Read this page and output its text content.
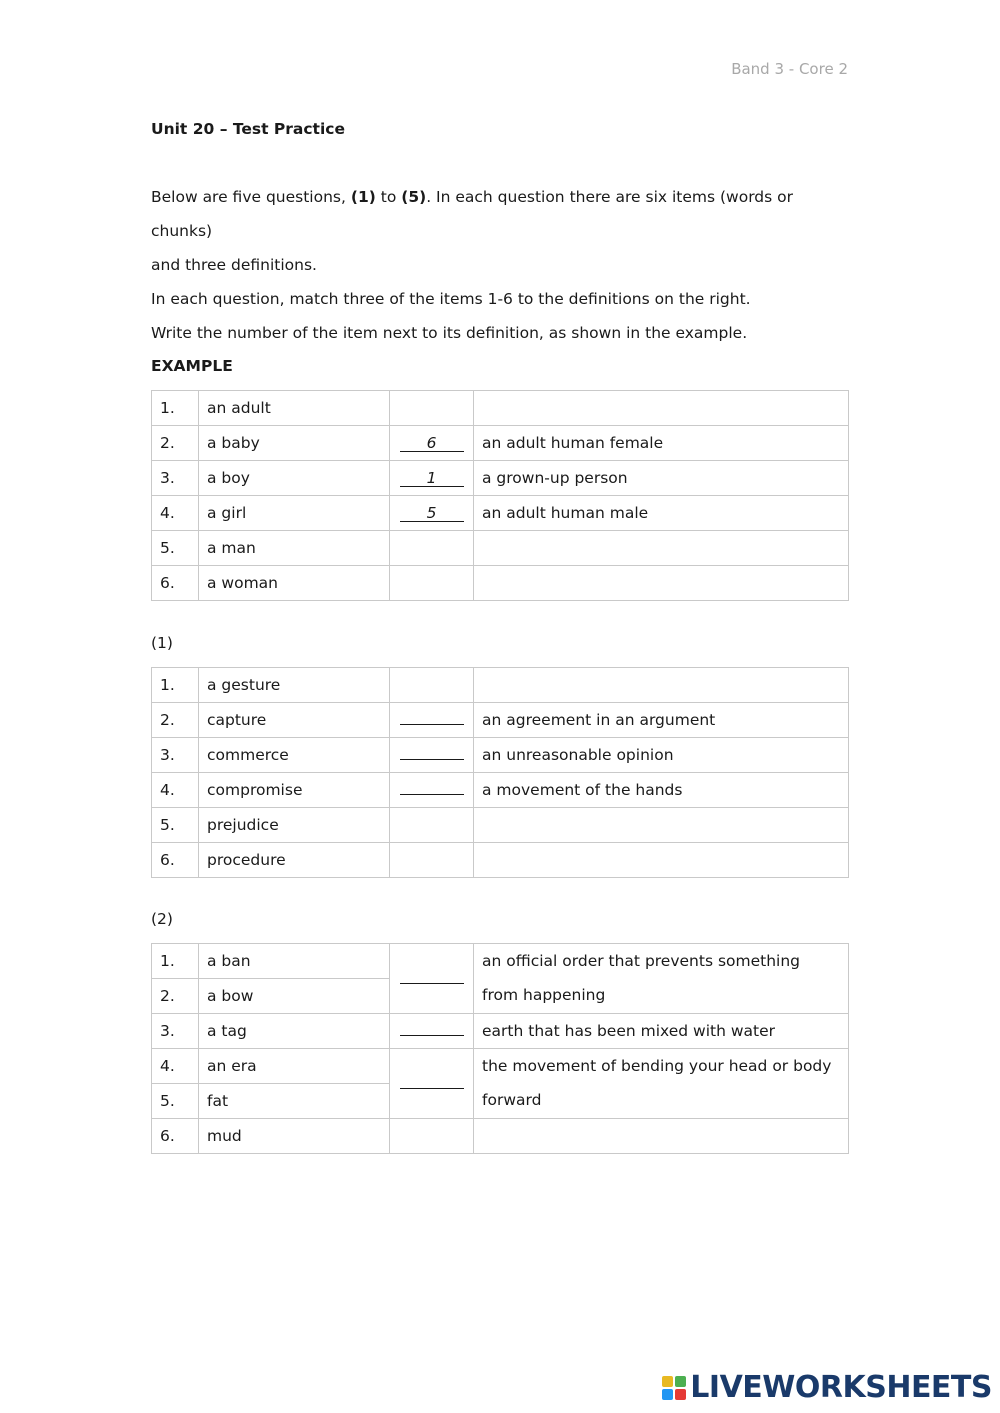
Band 3 - Core 2
Unit 20 – Test Practice
Below are five questions, (1) to (5). In each question there are six items (words or chunks)
and three definitions.
In each question, match three of the items 1-6 to the definitions on the right.
Write the number of the item next to its definition, as shown in the example.
EXAMPLE
1.	an adult		
2.	a baby	6	an adult human female
3.	a boy	1	a grown-up person
4.	a girl	5	an adult human male
5.	a man		
6.	a woman		
(1)
1.	a gesture		
2.	capture		an agreement in an argument
3.	commerce		an unreasonable opinion
4.	compromise		a movement of the hands
5.	prejudice		
6.	procedure		
(2)
1.	a ban		an official order that prevents something from happening
2.	a bow		
3.	a tag		earth that has been mixed with water
4.	an era		the movement of bending your head or body forward
5.	fat		
6.	mud		
LIVEWORKSHEETS
